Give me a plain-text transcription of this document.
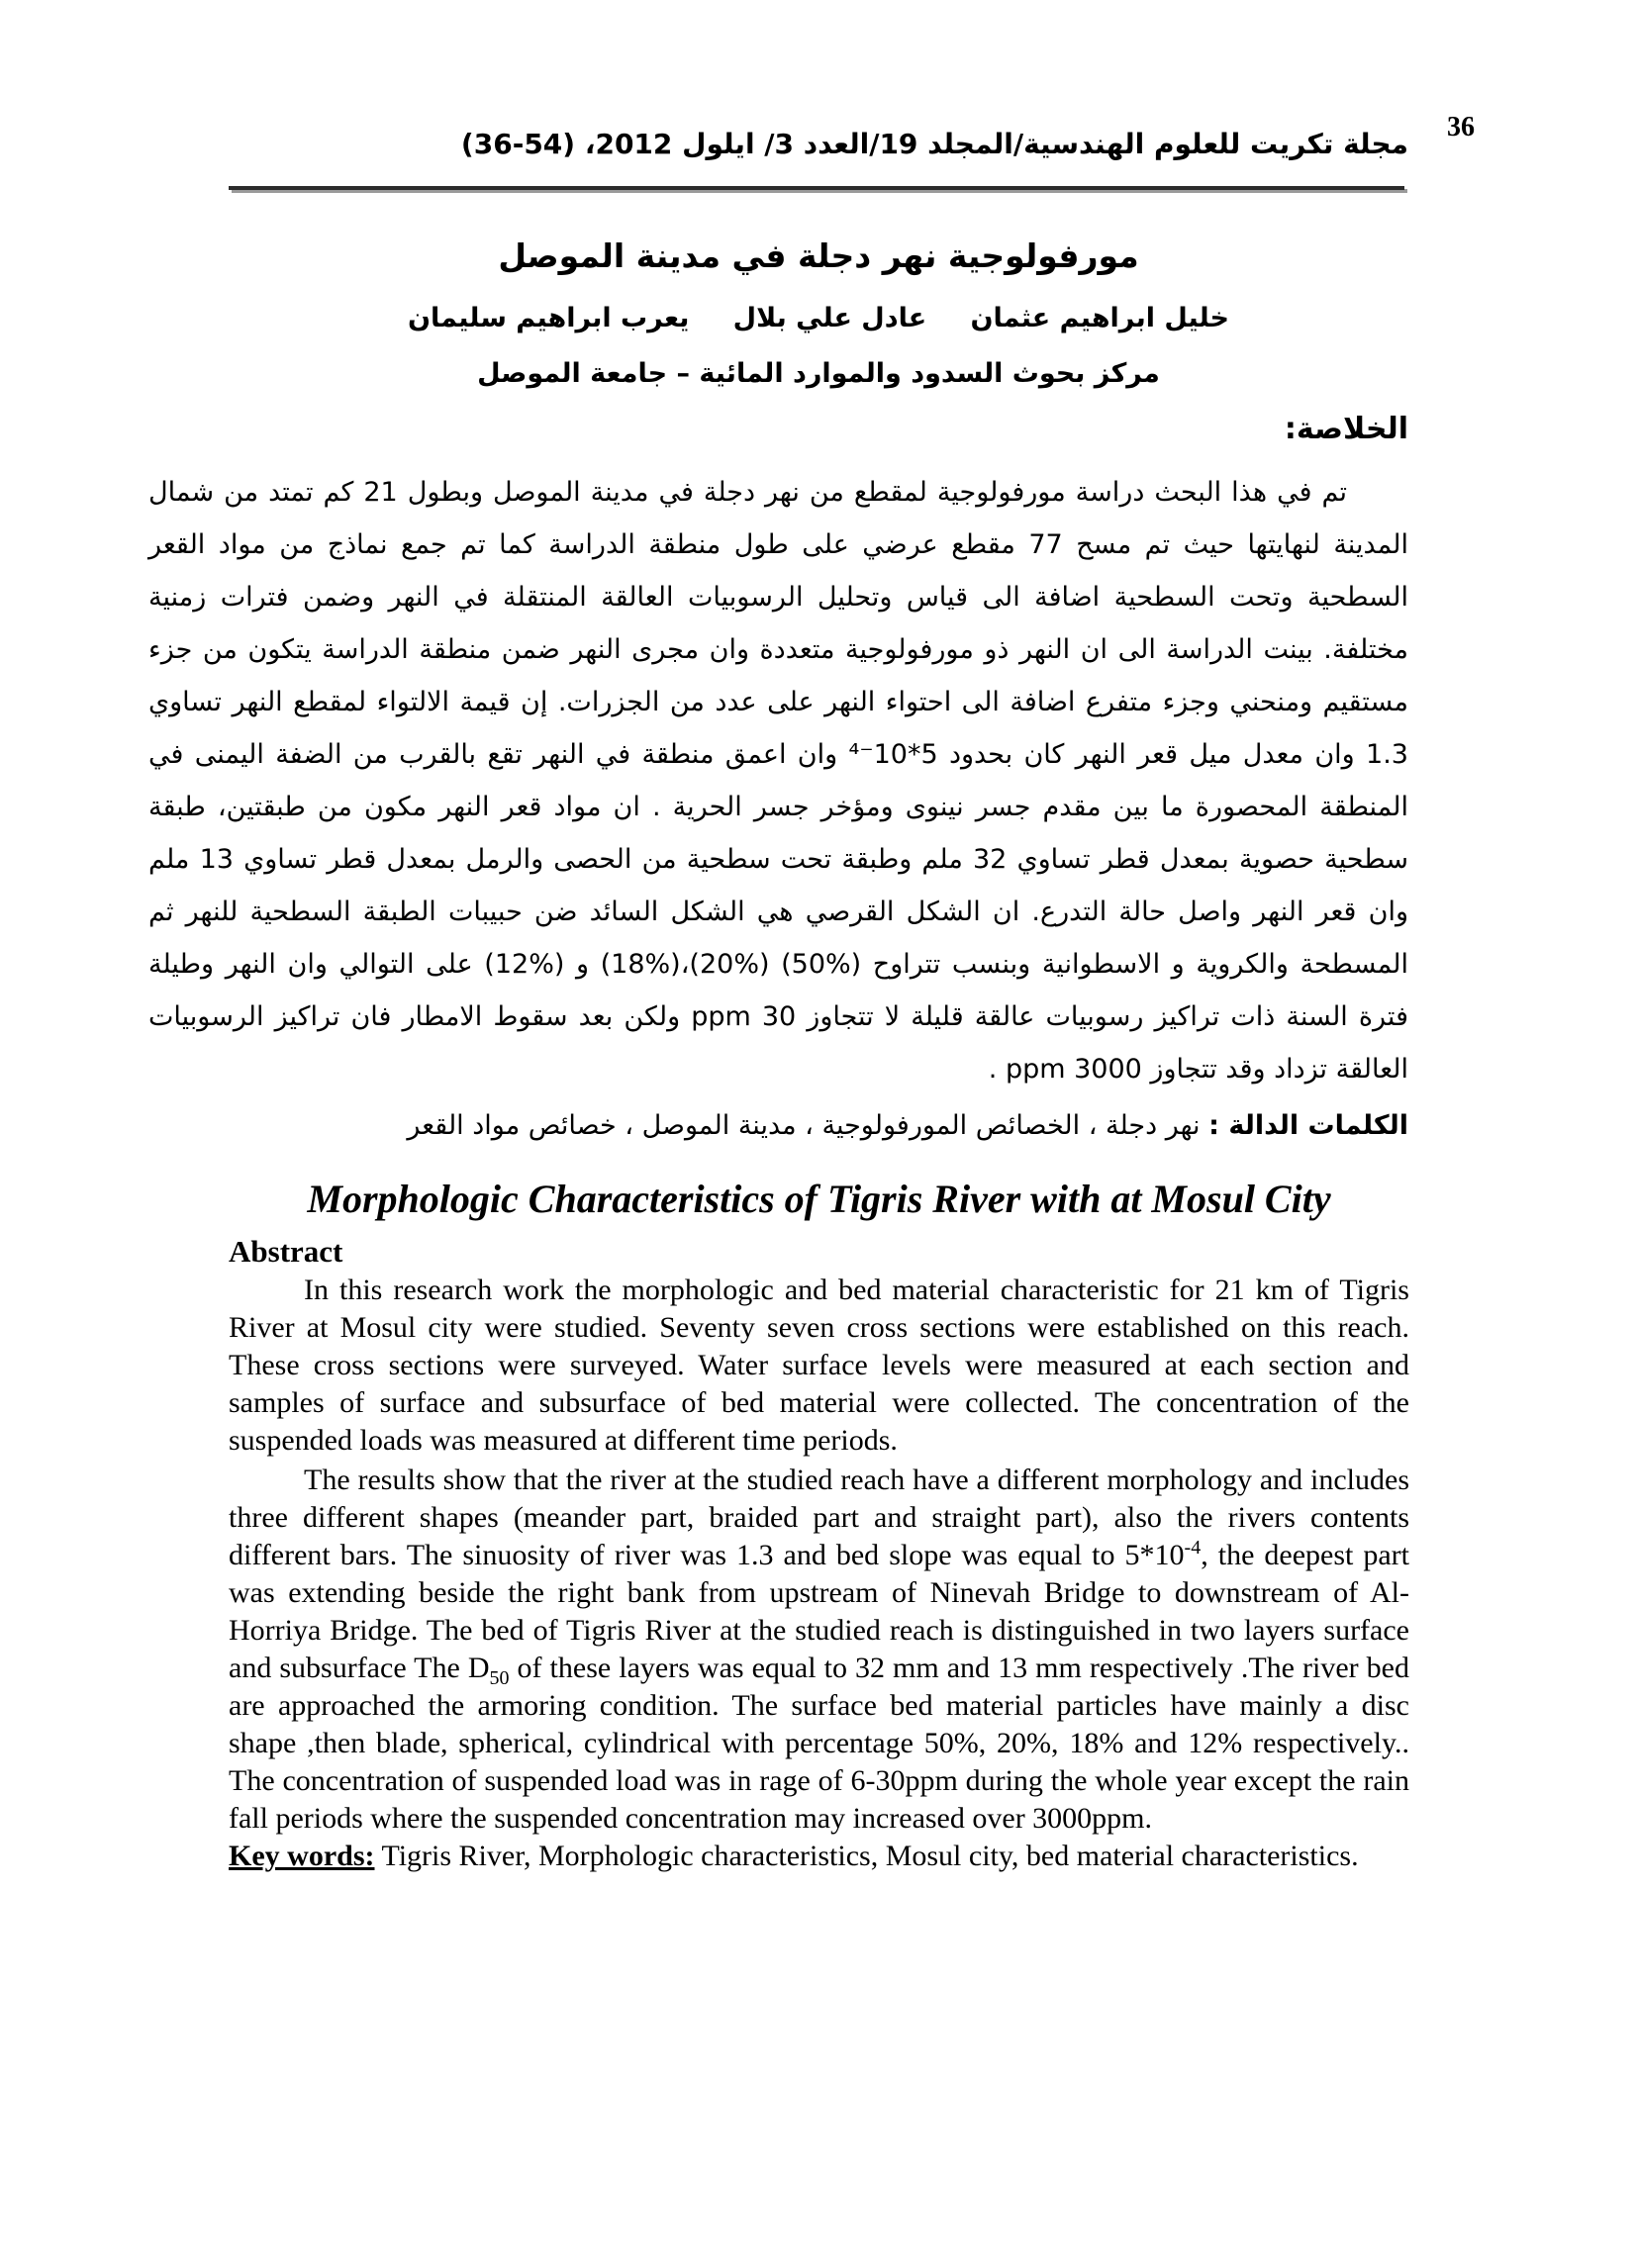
36
مجلة تكريت للعلوم الهندسية/المجلد 19/العدد 3/ ايلول 2012، (54-36)
مورفولوجية نهر دجلة في مدينة الموصل
خليل ابراهيم عثمان
عادل علي بلال
يعرب ابراهيم سليمان
مركز بحوث السدود والموارد المائية – جامعة الموصل

الخلاصة:

تم في هذا البحث دراسة مورفولوجية لمقطع من نهر دجلة في مدينة الموصل وبطول 21 كم تمتد من شمال المدينة لنهايتها حيث تم مسح 77 مقطع عرضي على طول منطقة الدراسة كما تم جمع نماذج من مواد القعر السطحية وتحت السطحية اضافة الى قياس وتحليل الرسوبيات العالقة المنتقلة في النهر وضمن فترات زمنية مختلفة. بينت الدراسة الى ان النهر ذو مورفولوجية متعددة وان مجرى النهر ضمن منطقة الدراسة يتكون من جزء مستقيم ومنحني وجزء متفرع اضافة الى احتواء النهر على عدد من الجزرات. إن قيمة الالتواء لمقطع النهر تساوي 1.3 وان معدل ميل قعر النهر كان بحدود 5*10⁻⁴ وان اعمق منطقة في النهر تقع بالقرب من الضفة اليمنى في المنطقة المحصورة ما بين مقدم جسر نينوى ومؤخر جسر الحرية . ان مواد قعر النهر مكون من طبقتين، طبقة سطحية حصوية بمعدل قطر تساوي 32 ملم وطبقة تحت سطحية من الحصى والرمل بمعدل قطر تساوي 13 ملم وان قعر النهر واصل حالة التدرع. ان الشكل القرصي هي الشكل السائد ضن حبيبات الطبقة السطحية للنهر ثم المسطحة والكروية و الاسطوانية وبنسب تتراوح (%50) (%20)،(%18) و (%12) على التوالي وان النهر وطيلة فترة السنة ذات تراكيز رسوبيات عالقة قليلة لا تتجاوز ppm 30 ولكن بعد سقوط الامطار فان تراكيز الرسوبيات العالقة تزداد وقد تتجاوز ppm 3000 .

الكلمات الدالة : نهر دجلة ، الخصائص المورفولوجية ، مدينة الموصل ، خصائص مواد القعر

Morphologic Characteristics of Tigris River with at Mosul City
Abstract

In this research work the morphologic and bed material characteristic for 21 km of Tigris River at Mosul city were studied. Seventy seven cross sections were established on this reach. These cross sections were surveyed. Water surface levels were measured at each section and samples of surface and subsurface of bed material were collected. The concentration of the suspended loads was measured at different time periods.

The results show that the river at the studied reach have a different morphology and includes three different shapes (meander part, braided part and straight part), also the rivers contents different bars. The sinuosity of river was 1.3 and bed slope was equal to $5*10^{-4}$, the deepest part was extending beside the right bank from upstream of Ninevah Bridge to downstream of Al-Horriya Bridge. The bed of Tigris River at the studied reach is distinguished in two layers surface and subsurface The $D_{50}$ of these layers was equal to 32 mm and 13 mm respectively .The river bed are approached the armoring condition. The surface bed material particles have mainly a disc shape ,then blade, spherical, cylindrical with percentage 50%, 20%, 18% and 12% respectively.. The concentration of suspended load was in rage of 6-30ppm during the whole year except the rain fall periods where the suspended concentration may increased over 3000ppm.

Key words: Tigris River, Morphologic characteristics, Mosul city, bed material characteristics.
